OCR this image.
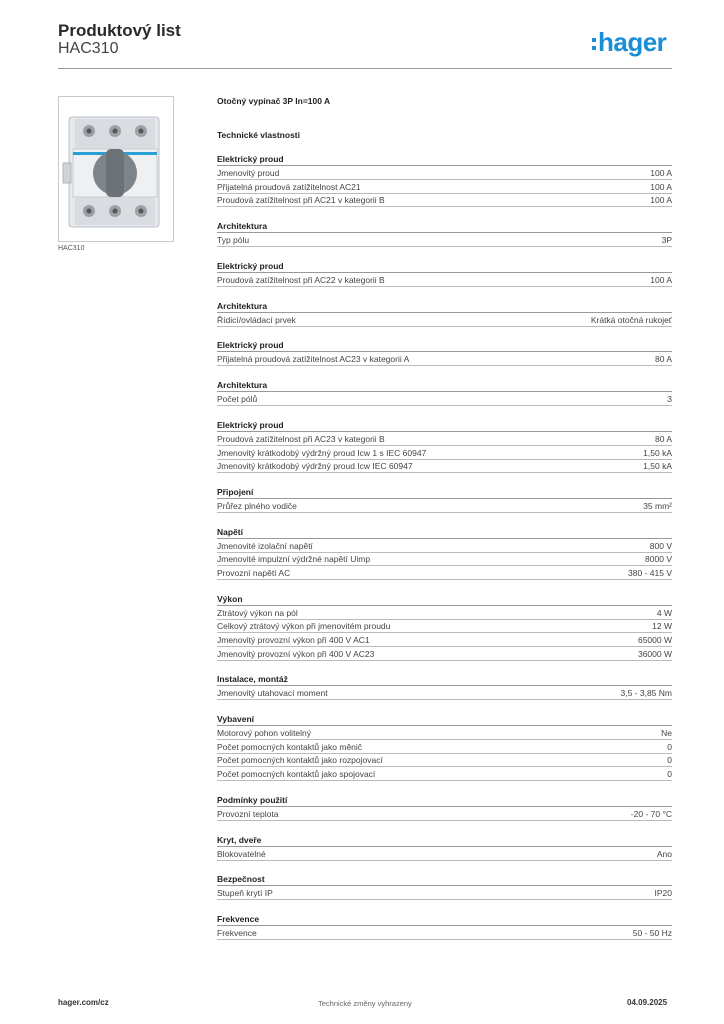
Produktový list
HAC310	hager
HAC310
Otočný vypínač 3P In=100 A
Technické vlastnosti
Elektrický proud
Jmenovitý proud	100 A
Přijatelná proudová zatížitelnost AC21	100 A
Proudová zatížitelnost při AC21 v kategorii B	100 A
Architektura
Typ pólu	3P
Elektrický proud
Proudová zatížitelnost při AC22 v kategorii B	100 A
Architektura
Řídicí/ovládací prvek	Krátká otočná rukojeť
Elektrický proud
Přijatelná proudová zatížitelnost AC23 v kategorii A	80 A
Architektura
Počet pólů	3
Elektrický proud
Proudová zatížitelnost při AC23 v kategorii B	80 A
Jmenovitý krátkodobý výdržný proud Icw 1 s IEC 60947	1,50 kA
Jmenovitý krátkodobý výdržný proud Icw IEC 60947	1,50 kA
Připojení
Průřez plného vodiče	35 mm²
Napětí
Jmenovité izolační napětí	800 V
Jmenovité impulzní výdržné napětí Uimp	8000 V
Provozní napětí AC	380 - 415 V
Výkon
Ztrátový výkon na pól	4 W
Celkový ztrátový výkon při jmenovitém proudu	12 W
Jmenovitý provozní výkon při 400 V AC1	65000 W
Jmenovitý provozní výkon při 400 V AC23	36000 W
Instalace, montáž
Jmenovitý utahovací moment	3,5 - 3,85 Nm
Vybavení
Motorový pohon volitelný	Ne
Počet pomocných kontaktů jako měnič	0
Počet pomocných kontaktů jako rozpojovací	0
Počet pomocných kontaktů jako spojovací	0
Podmínky použití
Provozní teplota	-20 - 70 °C
Kryt, dveře
Blokovatelné	Ano
Bezpečnost
Stupeň krytí IP	IP20
Frekvence
Frekvence	50 - 50 Hz
hager.com/cz	Technické změny vyhrazeny	04.09.2025
